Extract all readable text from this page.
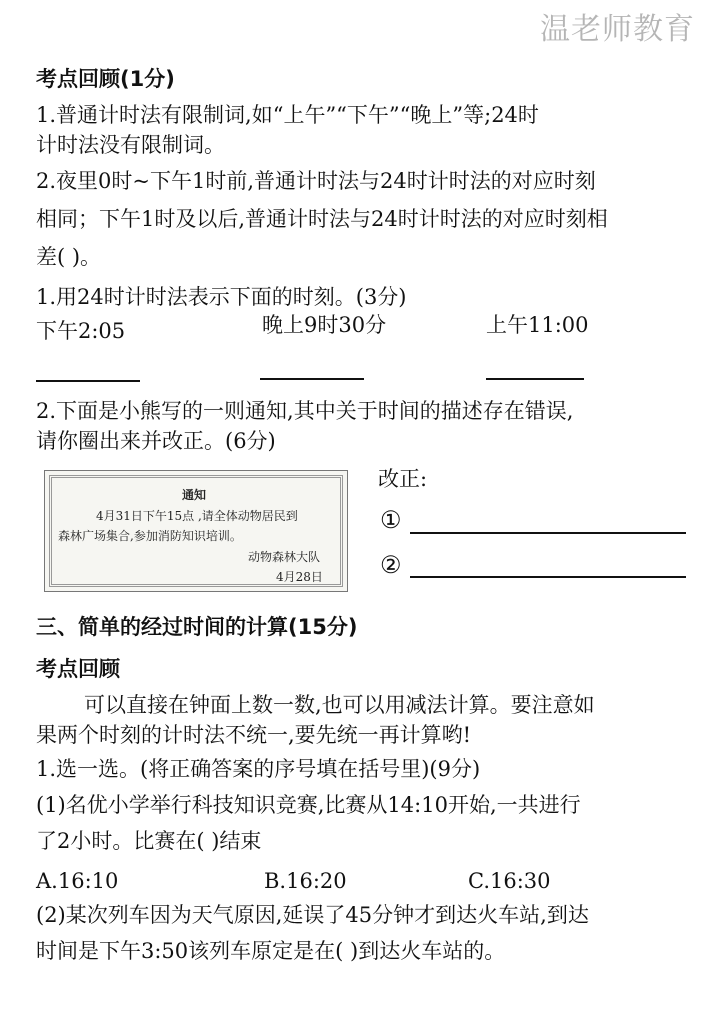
温老师教育
考点回顾(1分)
1.普通计时法有限制词,如“上午”“下午”“晚上”等;24时
计时法没有限制词。
2.夜里0时~下午1时前,普通计时法与24时计时法的对应时刻
相同；下午1时及以后,普通计时法与24时计时法的对应时刻相
差( )。
1.用24时计时法表示下面的时刻。(3分)
下午2:05	晚上9时30分	上午11:00
2.下面是小熊写的一则通知,其中关于时间的描述存在错误,
请你圈出来并改正。(6分)
通知
4月31日下午15点 ,请全体动物居民到
森林广场集合,参加消防知识培训。
动物森林大队
4月28日
改正:
①
②
三、简单的经过时间的计算(15分)
考点回顾
可以直接在钟面上数一数,也可以用减法计算。要注意如
果两个时刻的计时法不统一,要先统一再计算哟!
1.选一选。(将正确答案的序号填在括号里)(9分)
(1)名优小学举行科技知识竞赛,比赛从14:10开始,一共进行
了2小时。比赛在( )结束
A.16:10	B.16:20	C.16:30
(2)某次列车因为天气原因,延误了45分钟才到达火车站,到达
时间是下午3:50该列车原定是在( )到达火车站的。
